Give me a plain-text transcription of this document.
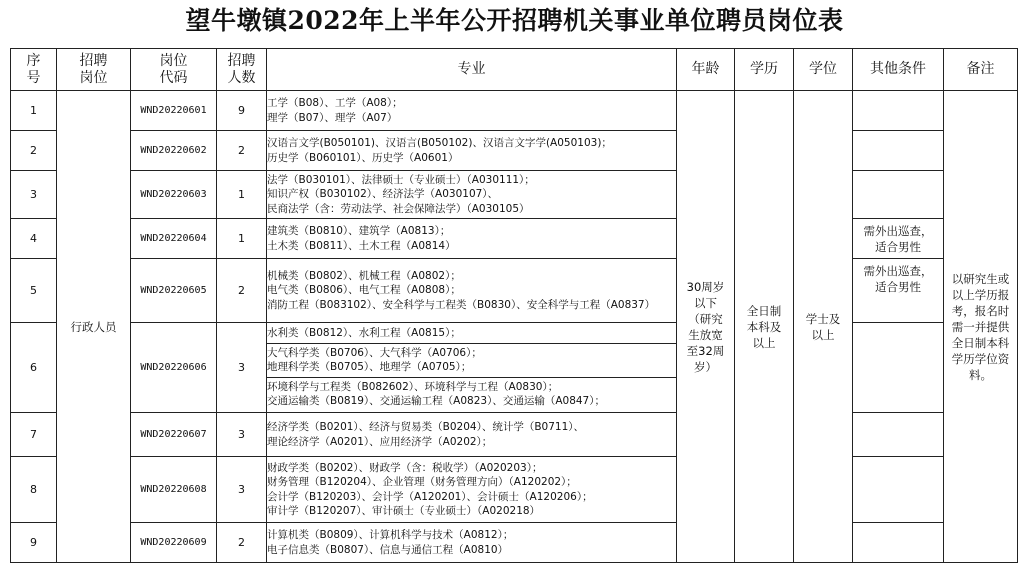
望牛墩镇2022年上半年公开招聘机关事业单位聘员岗位表
序号	招聘岗位	岗位代码	招聘人数	专业	年龄	学历	学位	其他条件	备注
1	行政人员	WND20220601	9	工学（B08）、工学（A08）；
理学（B07）、理学（A07）	30周岁以下（研究生放宽至32周岁）	全日制本科及以上	学士及以上		以研究生或以上学历报考，报名时需一并提供全日制本科学历学位资料。
2		WND20220602	2	汉语言文学(B050101)、汉语言(B050102)、汉语言文字学(A050103)；
历史学（B060101）、历史学（A0601）					

3		WND20220603	1	法学（B030101）、法律硕士（专业硕士）（A030111）；
知识产权（B030102）、经济法学（A030107）、
民商法学（含：劳动法学、社会保障法学）（A030105）					

4		WND20220604	1	建筑类（B0810）、建筑学（A0813）；
土木类（B0811）、土木工程（A0814）				需外出巡查，适合男性	
5		WND20220605	2	机械类（B0802）、机械工程（A0802）；
电气类（B0806）、电气工程（A0808）；
消防工程（B083102）、安全科学与工程类（B0830）、安全科学与工程（A0837）				需外出巡查，适合男性	
6		WND20220606	3	水利类（B0812）、水利工程（A0815）；
大气科学类（B0706）、大气科学（A0706）；
地理科学类（B0705）、地理学（A0705）；
环境科学与工程类（B082602）、环境科学与工程（A0830）；
交通运输类（B0819）、交通运输工程（A0823）、交通运输（A0847）；					

7		WND20220607	3	经济学类（B0201）、经济与贸易类（B0204）、统计学（B0711）、
理论经济学（A0201）、应用经济学（A0202）；					

8		WND20220608	3	财政学类（B0202）、财政学（含：税收学）（A020203）；
财务管理（B120204）、企业管理（财务管理方向）（A120202）；
会计学（B120203）、会计学（A120201）、会计硕士（A120206）；
审计学（B120207）、审计硕士（专业硕士）（A020218）					

9		WND20220609	2	计算机类（B0809）、计算机科学与技术（A0812）；
电子信息类（B0807）、信息与通信工程（A0810）					
